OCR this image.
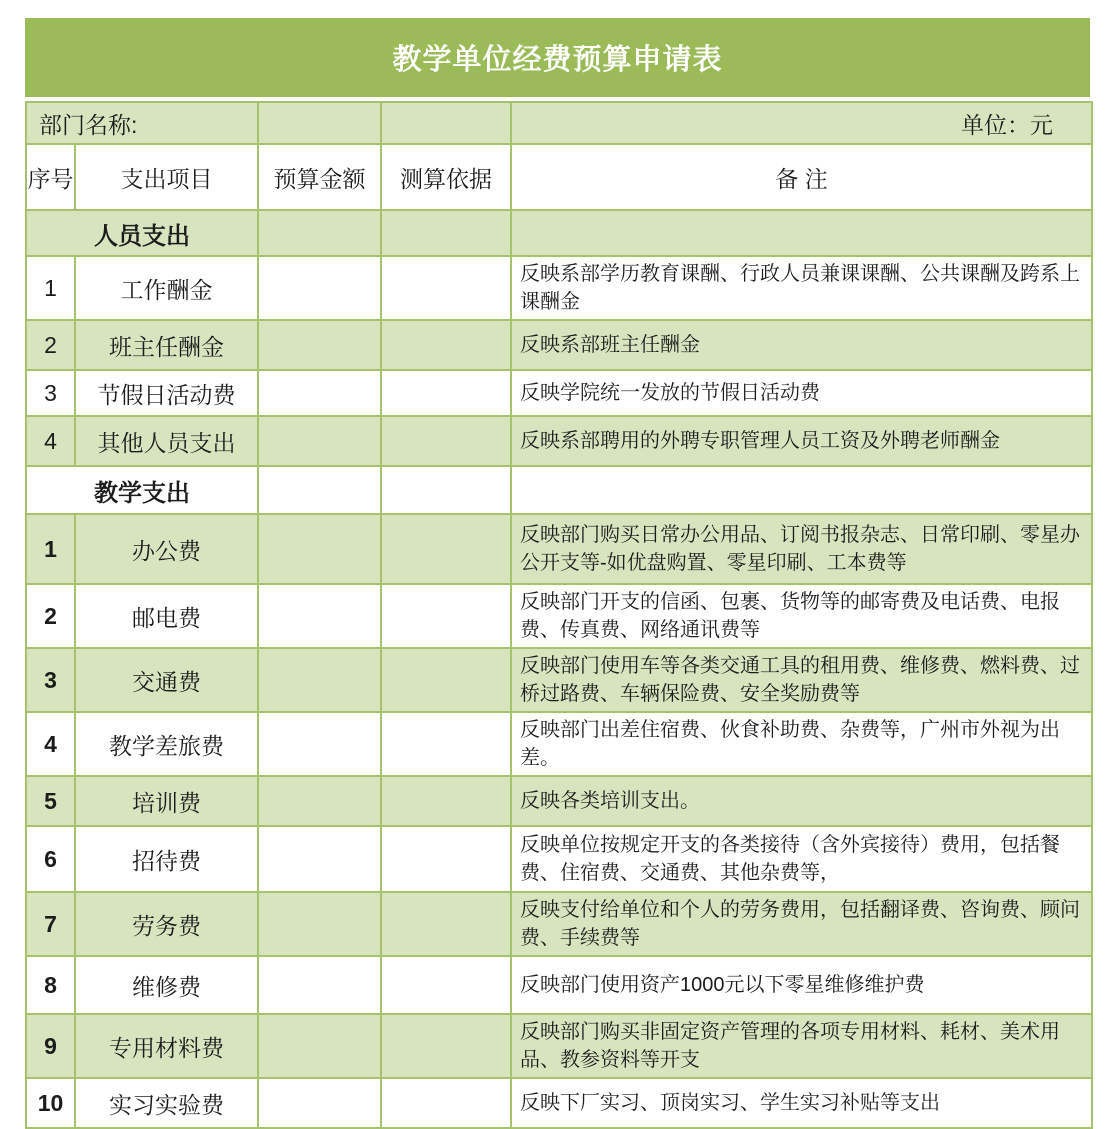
教学单位经费预算申请表
部门名称:				单位：元
序号	支出项目	预算金额	测算依据	备 注
人员支出				
1	工作酬金			反映系部学历教育课酬、行政人员兼课课酬、公共课酬及跨系上课酬金
2	班主任酬金			反映系部班主任酬金
3	节假日活动费			反映学院统一发放的节假日活动费
4	其他人员支出			反映系部聘用的外聘专职管理人员工资及外聘老师酬金
教学支出				
1	办公费			反映部门购买日常办公用品、订阅书报杂志、日常印刷、零星办公开支等-如优盘购置、零星印刷、工本费等
2	邮电费			反映部门开支的信函、包裹、货物等的邮寄费及电话费、电报费、传真费、网络通讯费等
3	交通费			反映部门使用车等各类交通工具的租用费、维修费、燃料费、过桥过路费、车辆保险费、安全奖励费等
4	教学差旅费			反映部门出差住宿费、伙食补助费、杂费等，广州市外视为出差。
5	培训费			反映各类培训支出。
6	招待费			反映单位按规定开支的各类接待（含外宾接待）费用，包括餐费、住宿费、交通费、其他杂费等，
7	劳务费			反映支付给单位和个人的劳务费用，包括翻译费、咨询费、顾问费、手续费等
8	维修费			反映部门使用资产1000元以下零星维修维护费
9	专用材料费			反映部门购买非固定资产管理的各项专用材料、耗材、美术用品、教参资料等开支
10	实习实验费			反映下厂实习、顶岗实习、学生实习补贴等支出
